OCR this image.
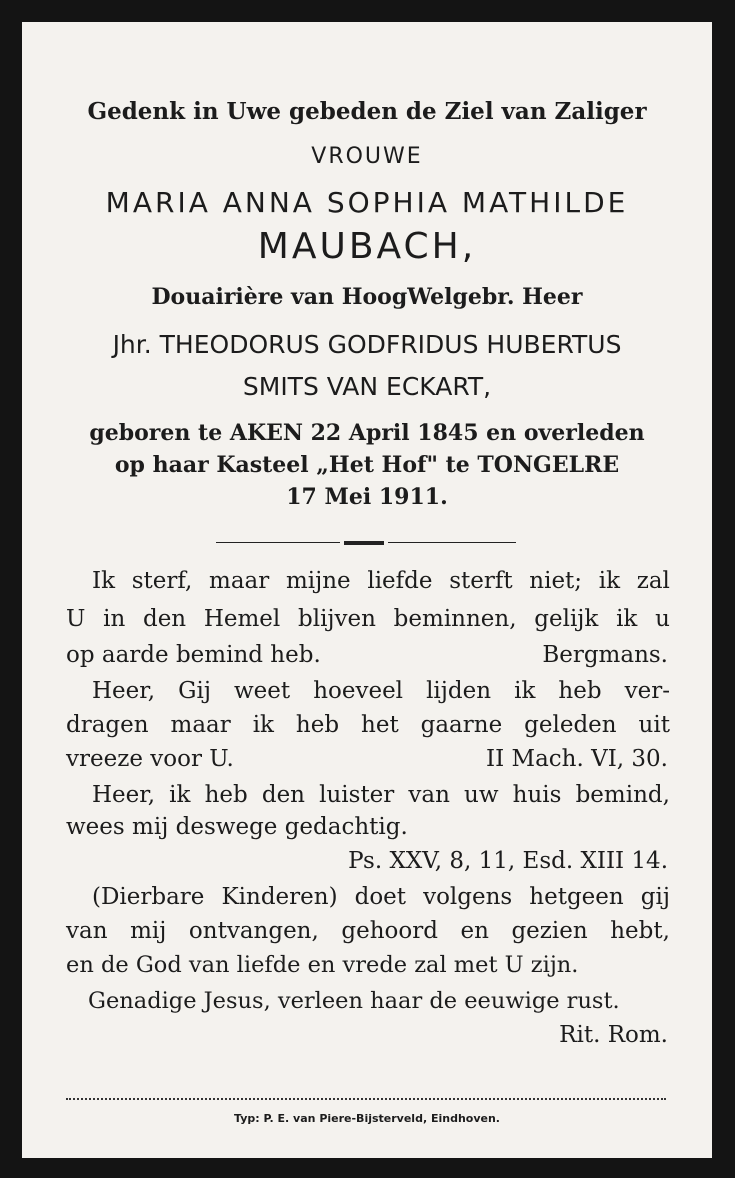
Gedenk in Uwe gebeden de Ziel van Zaliger
VROUWE
MARIA ANNA SOPHIA MATHILDE
MAUBACH,
Douairière van HoogWelgebr. Heer
Jhr. THEODORUS GODFRIDUS HUBERTUS
SMITS VAN ECKART,
geboren te AKEN 22 April 1845 en overleden
op haar Kasteel „Het Hof" te TONGELRE
17 Mei 1911.
Ik sterf, maar mijne liefde sterft niet; ik zal
U in den Hemel blijven beminnen, gelijk ik u
op aarde bemind heb.	Bergmans.
Heer, Gij weet hoeveel lijden ik heb ver-
dragen maar ik heb het gaarne geleden uit
vreeze voor U.	II Mach. VI, 30.
Heer, ik heb den luister van uw huis bemind,
wees mij deswege gedachtig.
Ps. XXV, 8, 11, Esd. XIII 14.
(Dierbare Kinderen) doet volgens hetgeen gij
van mij ontvangen, gehoord en gezien hebt,
en de God van liefde en vrede zal met U zijn.
Genadige Jesus, verleen haar de eeuwige rust.
Rit. Rom.
Typ: P. E. van Piere-Bijsterveld, Eindhoven.
